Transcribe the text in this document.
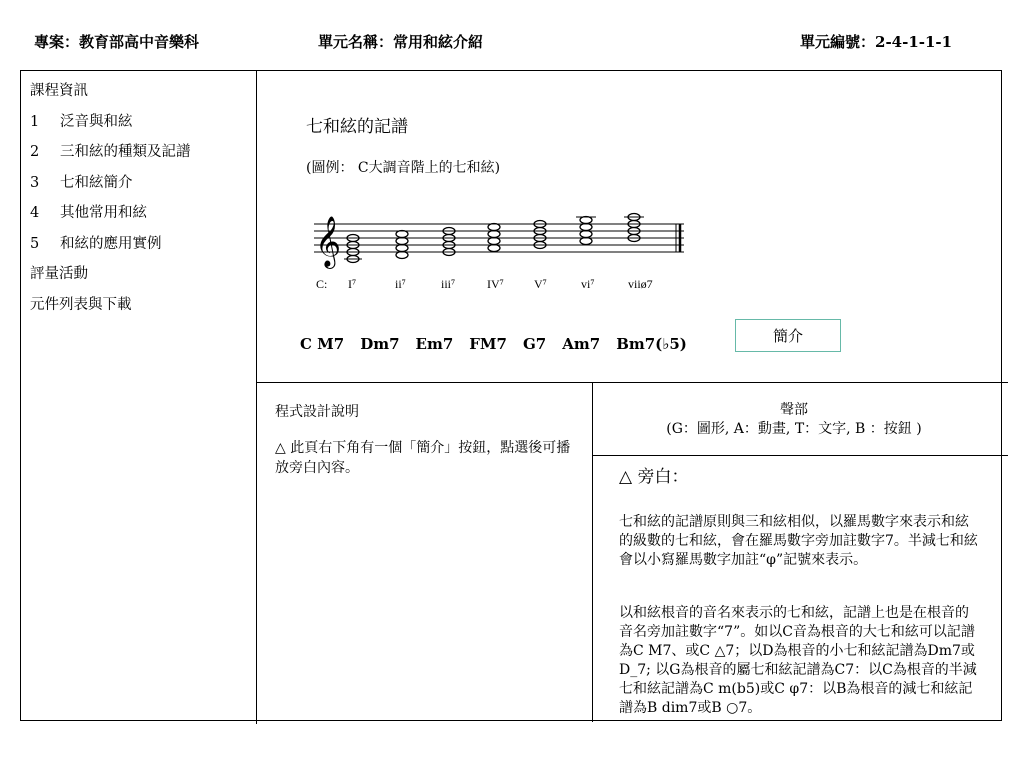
專案：教育部高中音樂科	單元名稱：常用和絃介紹	單元編號：2-4-1-1-1
課程資訊
1	泛音與和絃
2	三和絃的種類及記譜
3	七和絃簡介
4	其他常用和絃
5	和絃的應用實例
評量活動
元件列表與下載
七和絃的記譜
(圖例： C大調音階上的七和絃)
𝄞
C: I⁷	ii⁷	iii⁷	IV⁷	V⁷	vi⁷	viiø7
C M7 Dm7 Em7 FM7 G7 Am7 Bm7(♭5)	簡介
程式設計說明
△ 此頁右下角有一個「簡介」按鈕，點選後可播放旁白內容。
聲部
(G：圖形, A：動畫, T：文字, B ：按鈕 )
△ 旁白：
七和絃的記譜原則與三和絃相似，以羅馬數字來表示和絃的級數的七和絃，會在羅馬數字旁加註數字7。半減七和絃會以小寫羅馬數字加註“φ”記號來表示。
以和絃根音的音名來表示的七和絃，記譜上也是在根音的音名旁加註數字“7”。如以C音為根音的大七和絃可以記譜為C M7、或C △7；以D為根音的小七和絃記譜為Dm7或D_7; 以G為根音的屬七和絃記譜為C7：以C為根音的半減七和絃記譜為C m(b5)或C φ7：以B為根音的減七和絃記譜為B dim7或B ○7。
